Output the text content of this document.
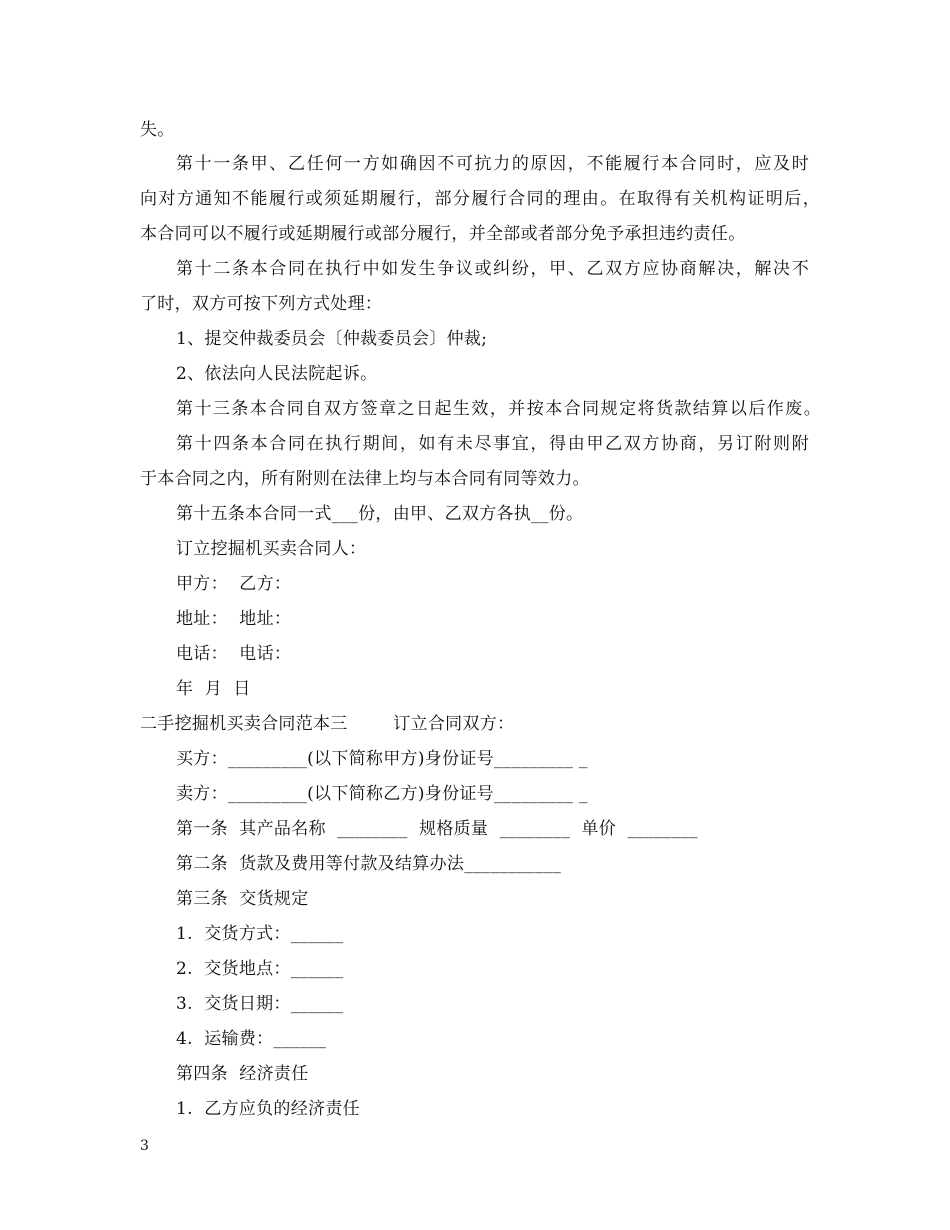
失。
第十一条甲、乙任何一方如确因不可抗力的原因，不能履行本合同时，应及时
向对方通知不能履行或须延期履行，部分履行合同的理由。在取得有关机构证明后，
本合同可以不履行或延期履行或部分履行，并全部或者部分免予承担违约责任。
第十二条本合同在执行中如发生争议或纠纷，甲、乙双方应协商解决，解决不
了时，双方可按下列方式处理：
1、提交仲裁委员会〔仲裁委员会〕仲裁;
2、依法向人民法院起诉。
第十三条本合同自双方签章之日起生效，并按本合同规定将货款结算以后作废。
第十四条本合同在执行期间，如有未尽事宜，得由甲乙双方协商，另订附则附
于本合同之内，所有附则在法律上均与本合同有同等效力。
第十五条本合同一式___份，由甲、乙双方各执__份。
订立挖掘机买卖合同人：
甲方：  乙方：
地址：  地址：
电话：  电话：
年  月  日
二手挖掘机买卖合同范本三        订立合同双方：
买方：_________(以下简称甲方)身份证号_________ _
卖方：_________(以下简称乙方)身份证号_________ _
第一条  其产品名称  ________  规格质量  ________  单价  ________
第二条  货款及费用等付款及结算办法___________
第三条  交货规定
1.  交货方式：______
2.  交货地点：______
3.  交货日期：______
4.  运输费：______
第四条  经济责任
1.  乙方应负的经济责任
3
